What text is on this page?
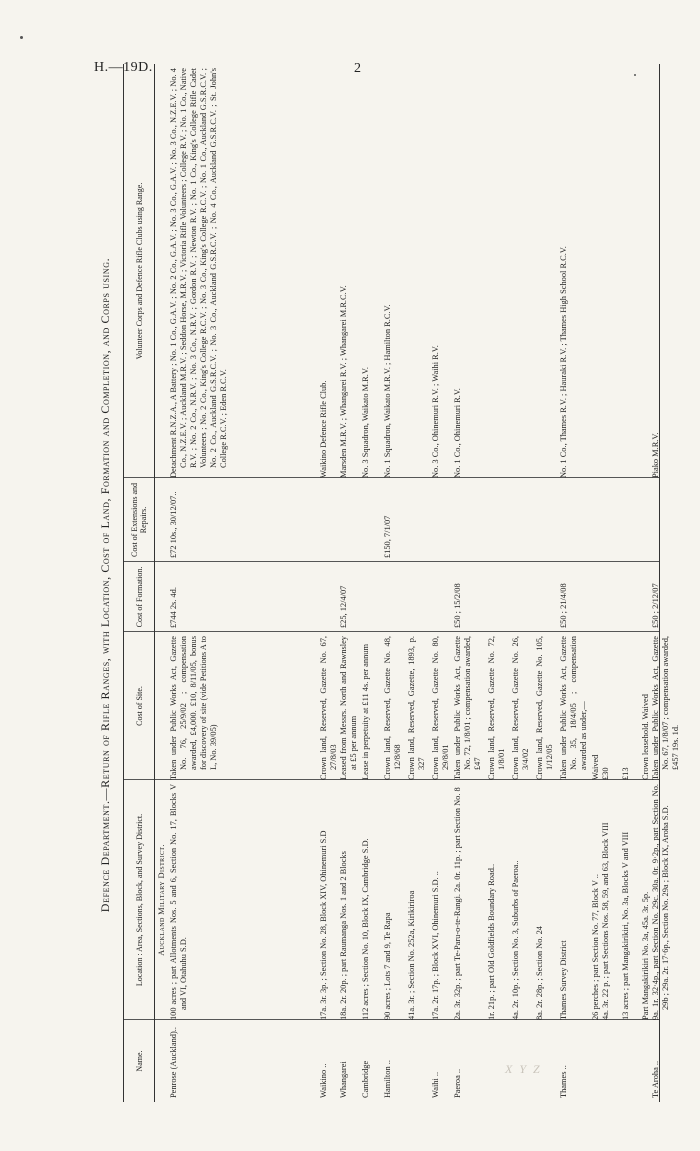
H.—19D.	2
X Y Z
Defence Department.—Return of Rifle Ranges, with Location, Cost of Land, Formation and Completion, and Corps using.
Name.
Location : Area, Sections, Block, and Survey District.
Cost of Site.
Cost of Formation.
Cost of Extensions and Repairs.
Volunteer Corps and Defence Rifle Clubs using Range.
Auckland Military District.
Penrose (Auckland)..
100 acres ; part Allotments Nos. 5 and 6, Section No. 17, Blocks V and VI, Otahuhu S.D.
Taken under Public Works Act, Gazette No. 76, 25/9/02 ; compensation awarded, £4,000. £10, 8/11/05, bonus for discovery of site (vide Petitions A to L, No. 39/05)
£744 2s. 4d.
£72 10s., 30/12/07..
Detachment R.N.Z.A., A Battery ; No. 1 Co., G.A.V. ; No. 2 Co., G.A.V. ; No. 3 Co., G.A.V. ; No. 3 Co., N.Z.E.V. ; No. 4 Co., N.Z.E.V. ; Auckland M.R.V. ; Seddon Horse, M.R.V. ; Victoria Rifle Volunteers ; College R.V. ; No. 1 Co., Native R.V. ; No. 2 Co., N.R.V. ; No. 3 Co., N.R.V. ; Gordon R.V. ; Newton R.V. ; No. 1 Co., King's College Rifle Cadet Volunteers ; No. 2 Co., King's College R.C.V. ; No. 3 Co., King's College R.C.V. ; No. 1 Co., Auckland G.S.R.C.V. ; No. 2 Co., Auckland G.S.R.C.V. ; No. 3 Co., Auckland G.S.R.C.V. ; No. 4 Co., Auckland G.S.R.C.V. ; St. John's College R.C.V. ; Eden R.C.V.
Waikino ..
17a. 3r. 3p. ; Section No. 28, Block XIV, Ohinemuri S.D
Crown land, Reserved, Gazette No. 67, 27/8/03
Waikino Defence Rifle Club.
Whangarei
18a. 2r. 20p. ; part Raumanga Nos. 1 and 2 Blocks
Leased from Messrs. North and Rawnsley at £5 per annum
£25, 12/4/07
Marsden M.R.V. ; Whangarei R.V. ; Whangarei M.R.C.V.
Cambridge
112 acres ; Section No. 10, Block IX, Cambridge S.D.
Lease in perpetuity at £11 4s. per annum
No. 3 Squadron, Waikato M.R.V.
Hamilton ..
90 acres ; Lots 7 and 9, Te Rapa
Crown land, Reserved, Gazette No. 48, 12/8/68
£150, 7/1/07
No. 1 Squadron, Waikato M.R.V. ; Hamilton R.C.V.
41a. 3r. ; Section No. 252a, Kirikiriroa
Crown land, Reserved, Gazette, 1893, p. 327
Waihi ..
17a. 2r. 17p. ; Block XVI, Ohinemuri S.D. ..
Crown land, Reserved, Gazette No. 80, 29/8/01
No. 3 Co., Ohinemuri R.V. ; Waihi R.V.
Paeroa ..
2a. 3r. 32p. ; part Te-Paru-o-te-Rangi. 2a. 0r. 11p. ; part Section No. 8
Taken under Public Works Act, Gazette No. 72, 1/8/01 ; compensation awarded, £47
£50 ; 15/2/08
No. 1 Co., Ohinemuri R.V.
1r. 21p. ; part Old Goldfields Boundary Road..
Crown land, Reserved, Gazette No. 72, 1/8/01
4a. 2r. 10p. ; Section No. 3, Suburbs of Paeroa..
Crown land, Reserved, Gazette No. 26, 3/4/02
8a. 2r. 28p. ; Section No. 24
Crown land, Reserved, Gazette No. 105, 1/12/05
Thames ..
Thames Survey District
Taken under Public Works Act, Gazette No. 35, 18/4/05 ; compensation awarded as under,—
£50 ; 21/4/08
No. 1 Co., Thames R.V. ; Hauraki R.V. ; Thames High School R.C.V.
26 perches ; part Section No. 77, Block V ..
Waived
4a. 3r. 22 p. ; part Sections Nos. 58, 59, and 63, Block VIII
£30
13 acres ; part Mangakirikiri, No. 3a, Blocks V and VIII
£13
Part Mangakirikiri No. 3a, 45a. 3r. 5p.
Crown leasehold. Waived
Te Aroha ..
9a. 1r. 32·4p., part Section No. 29c. 30a. 0r. 9·2p., part Section No. 29b ; 29a. 2r. 17·6p., Section No. 29a ; Block IX, Aroha S.D.
Taken under Public Works Act, Gazette No. 67, 1/8/07 ; compensation awarded, £457 19s. 1d.
£50 ; 2/12/07
Piako M.R.V.
